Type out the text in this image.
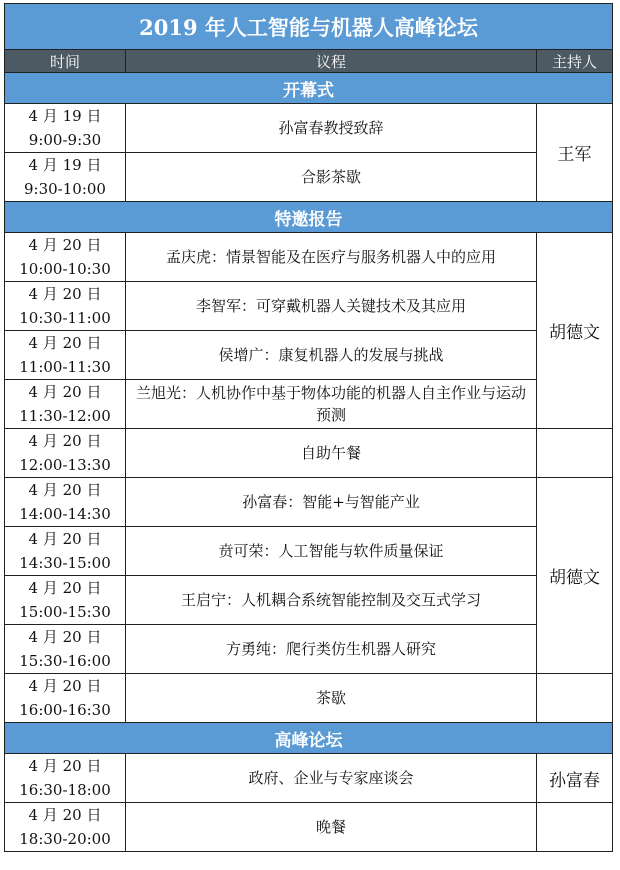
2019 年人工智能与机器人高峰论坛		
时间	议程	主持人
开幕式		

4 月 19 日
9:00-9:30	孙富春教授致辞	王军

4 月 19 日
9:30-10:00	合影茶歇	
特邀报告		

4 月 20 日
10:00-10:30	孟庆虎：情景智能及在医疗与服务机器人中的应用	胡德文

4 月 20 日
10:30-11:00	李智军：可穿戴机器人关键技术及其应用	

4 月 20 日
11:00-11:30	侯增广：康复机器人的发展与挑战	

4 月 20 日
11:30-12:00	兰旭光：人机协作中基于物体功能的机器人自主作业与运动预测	

4 月 20 日
12:00-13:30	自助午餐	

4 月 20 日
14:00-14:30	孙富春：智能+与智能产业	胡德文

4 月 20 日
14:30-15:00	贲可荣：人工智能与软件质量保证	

4 月 20 日
15:00-15:30	王启宁：人机耦合系统智能控制及交互式学习	

4 月 20 日
15:30-16:00	方勇纯：爬行类仿生机器人研究	

4 月 20 日
16:00-16:30	茶歇	
高峰论坛		

4 月 20 日
16:30-18:00	政府、企业与专家座谈会	孙富春

4 月 20 日
18:30-20:00	晚餐	
